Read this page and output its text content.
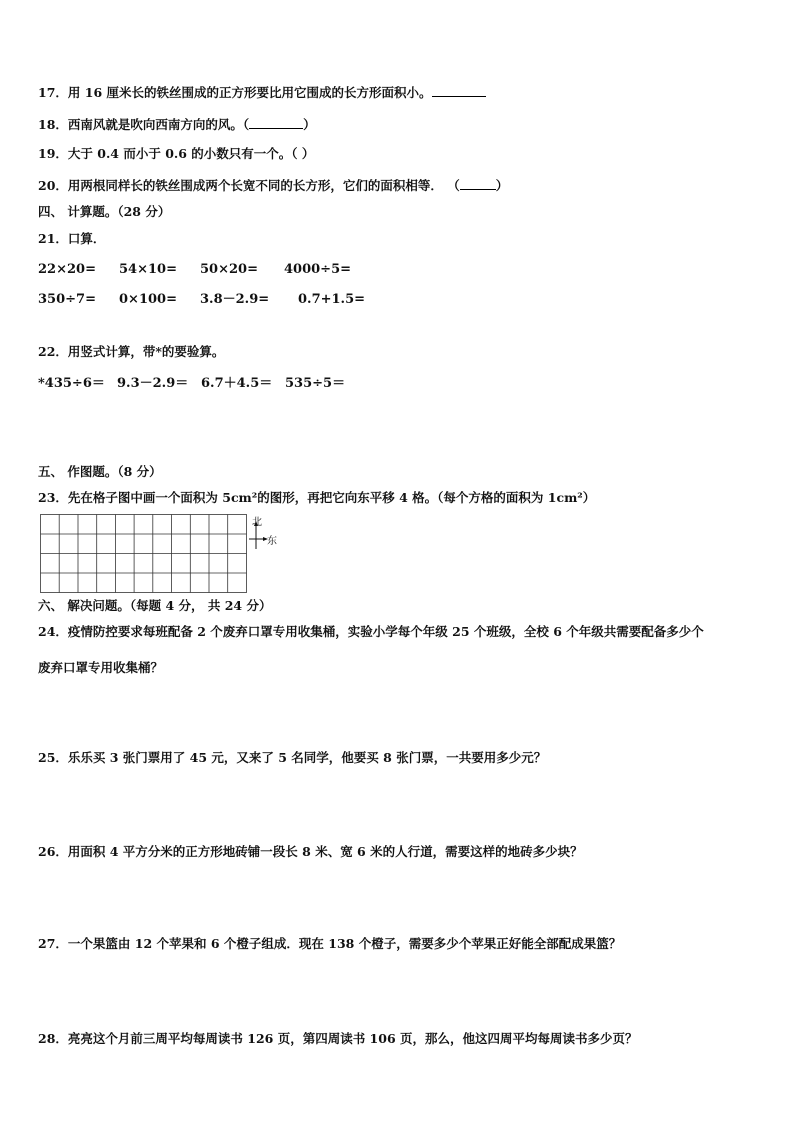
17．用 16 厘米长的铁丝围成的正方形要比用它围成的长方形面积小。
18．西南风就是吹向西南方向的风。（	）
19．大于 0.4 而小于 0.6 的小数只有一个。（ ）
20．用两根同样长的铁丝围成两个长宽不同的长方形，它们的面积相等． （	）
四、 计算题。（28 分）
21．口算．
22×20= 54×10= 50×20= 4000÷5=
350÷7= 0×100= 3.8－2.9= 0.7+1.5=
22．用竖式计算，带*的要验算。
*435÷6＝ 9.3－2.9＝ 6.7＋4.5＝ 535÷5＝
五、 作图题。（8 分）
23．先在格子图中画一个面积为 5cm²的图形，再把它向东平移 4 格。（每个方格的面积为 1cm²）
北
东
六、 解决问题。（每题 4 分， 共 24 分）
24．疫情防控要求每班配备 2 个废弃口罩专用收集桶，实验小学每个年级 25 个班级，全校 6 个年级共需要配备多少个
废弃口罩专用收集桶？
25．乐乐买 3 张门票用了 45 元，又来了 5 名同学，他要买 8 张门票，一共要用多少元？
26．用面积 4 平方分米的正方形地砖铺一段长 8 米、宽 6 米的人行道，需要这样的地砖多少块？
27．一个果篮由 12 个苹果和 6 个橙子组成．现在 138 个橙子，需要多少个苹果正好能全部配成果篮？
28．亮亮这个月前三周平均每周读书 126 页，第四周读书 106 页，那么，他这四周平均每周读书多少页？
